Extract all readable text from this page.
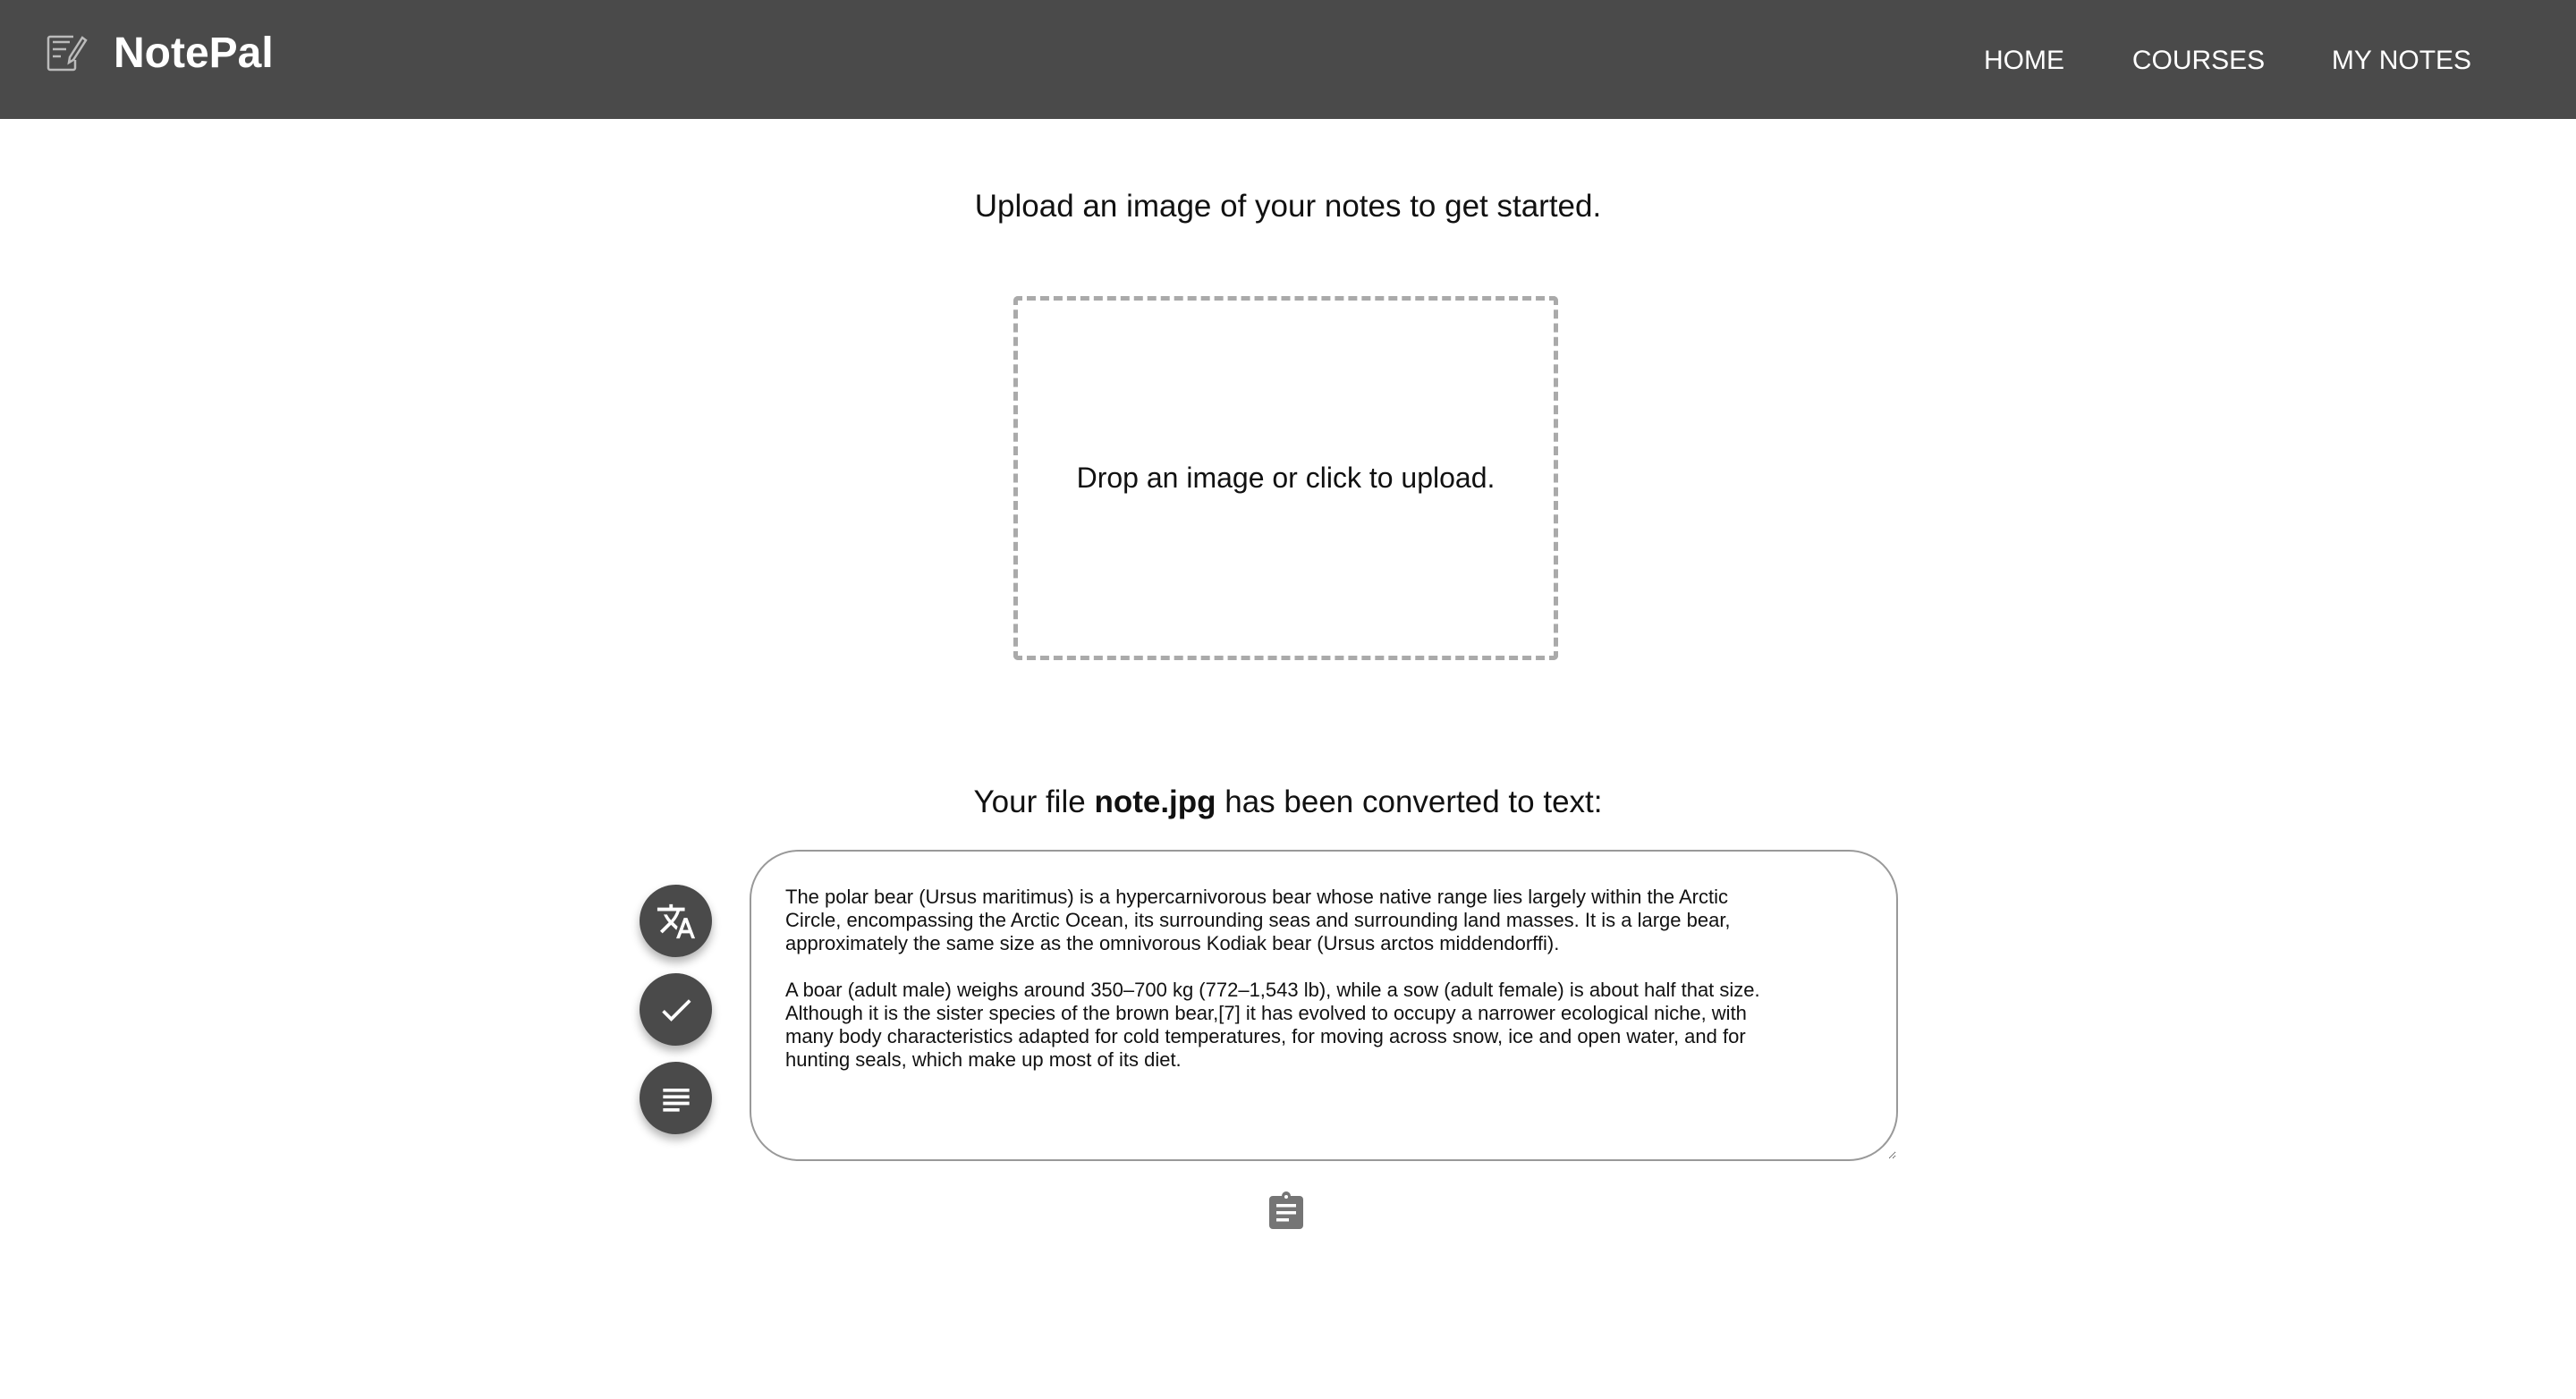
NotePal	HOME	COURSES MY NOTES
Upload an image of your notes to get started.
Drop an image or click to upload.
Your file note.jpg has been converted to text:
The polar bear (Ursus maritimus) is a hypercarnivorous bear whose native range lies largely within the Arctic
Circle, encompassing the Arctic Ocean, its surrounding seas and surrounding land masses. It is a large bear,
approximately the same size as the omnivorous Kodiak bear (Ursus arctos middendorffi).

A boar (adult male) weighs around 350–700 kg (772–1,543 lb), while a sow (adult female) is about half that size.
Although it is the sister species of the brown bear,[7] it has evolved to occupy a narrower ecological niche, with
many body characteristics adapted for cold temperatures, for moving across snow, ice and open water, and for
hunting seals, which make up most of its diet.
